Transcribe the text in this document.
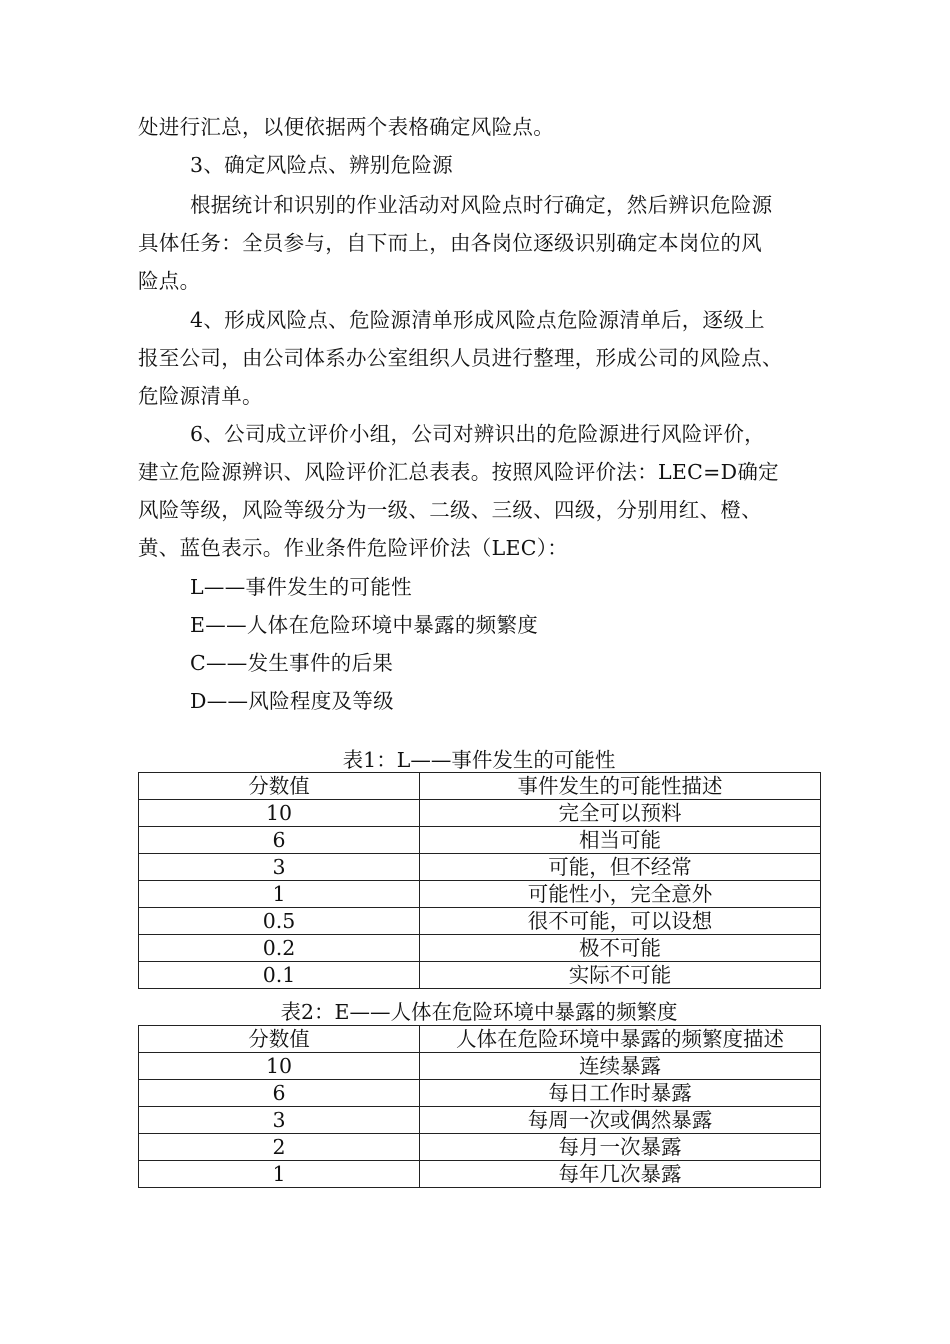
处进行汇总，以便依据两个表格确定风险点。
3、确定风险点、辨别危险源
根据统计和识别的作业活动对风险点时行确定，然后辨识危险源
具体任务：全员参与，自下而上，由各岗位逐级识别确定本岗位的风
险点。
4、形成风险点、危险源清单形成风险点危险源清单后，逐级上
报至公司，由公司体系办公室组织人员进行整理，形成公司的风险点、
危险源清单。
6、公司成立评价小组，公司对辨识出的危险源进行风险评价，
建立危险源辨识、风险评价汇总表表。按照风险评价法：LEC=D确定
风险等级，风险等级分为一级、二级、三级、四级，分别用红、橙、
黄、蓝色表示。作业条件危险评价法（LEC）：
L——事件发生的可能性
E——人体在危险环境中暴露的频繁度
C——发生事件的后果
D——风险程度及等级
表1：L——事件发生的可能性
分数值	事件发生的可能性描述
10	完全可以预料
6	相当可能
3	可能，但不经常
1	可能性小，完全意外
0.5	很不可能，可以设想
0.2	极不可能
0.1	实际不可能
表2：E——人体在危险环境中暴露的频繁度
分数值	人体在危险环境中暴露的频繁度描述
10	连续暴露
6	每日工作时暴露
3	每周一次或偶然暴露
2	每月一次暴露
1	每年几次暴露
